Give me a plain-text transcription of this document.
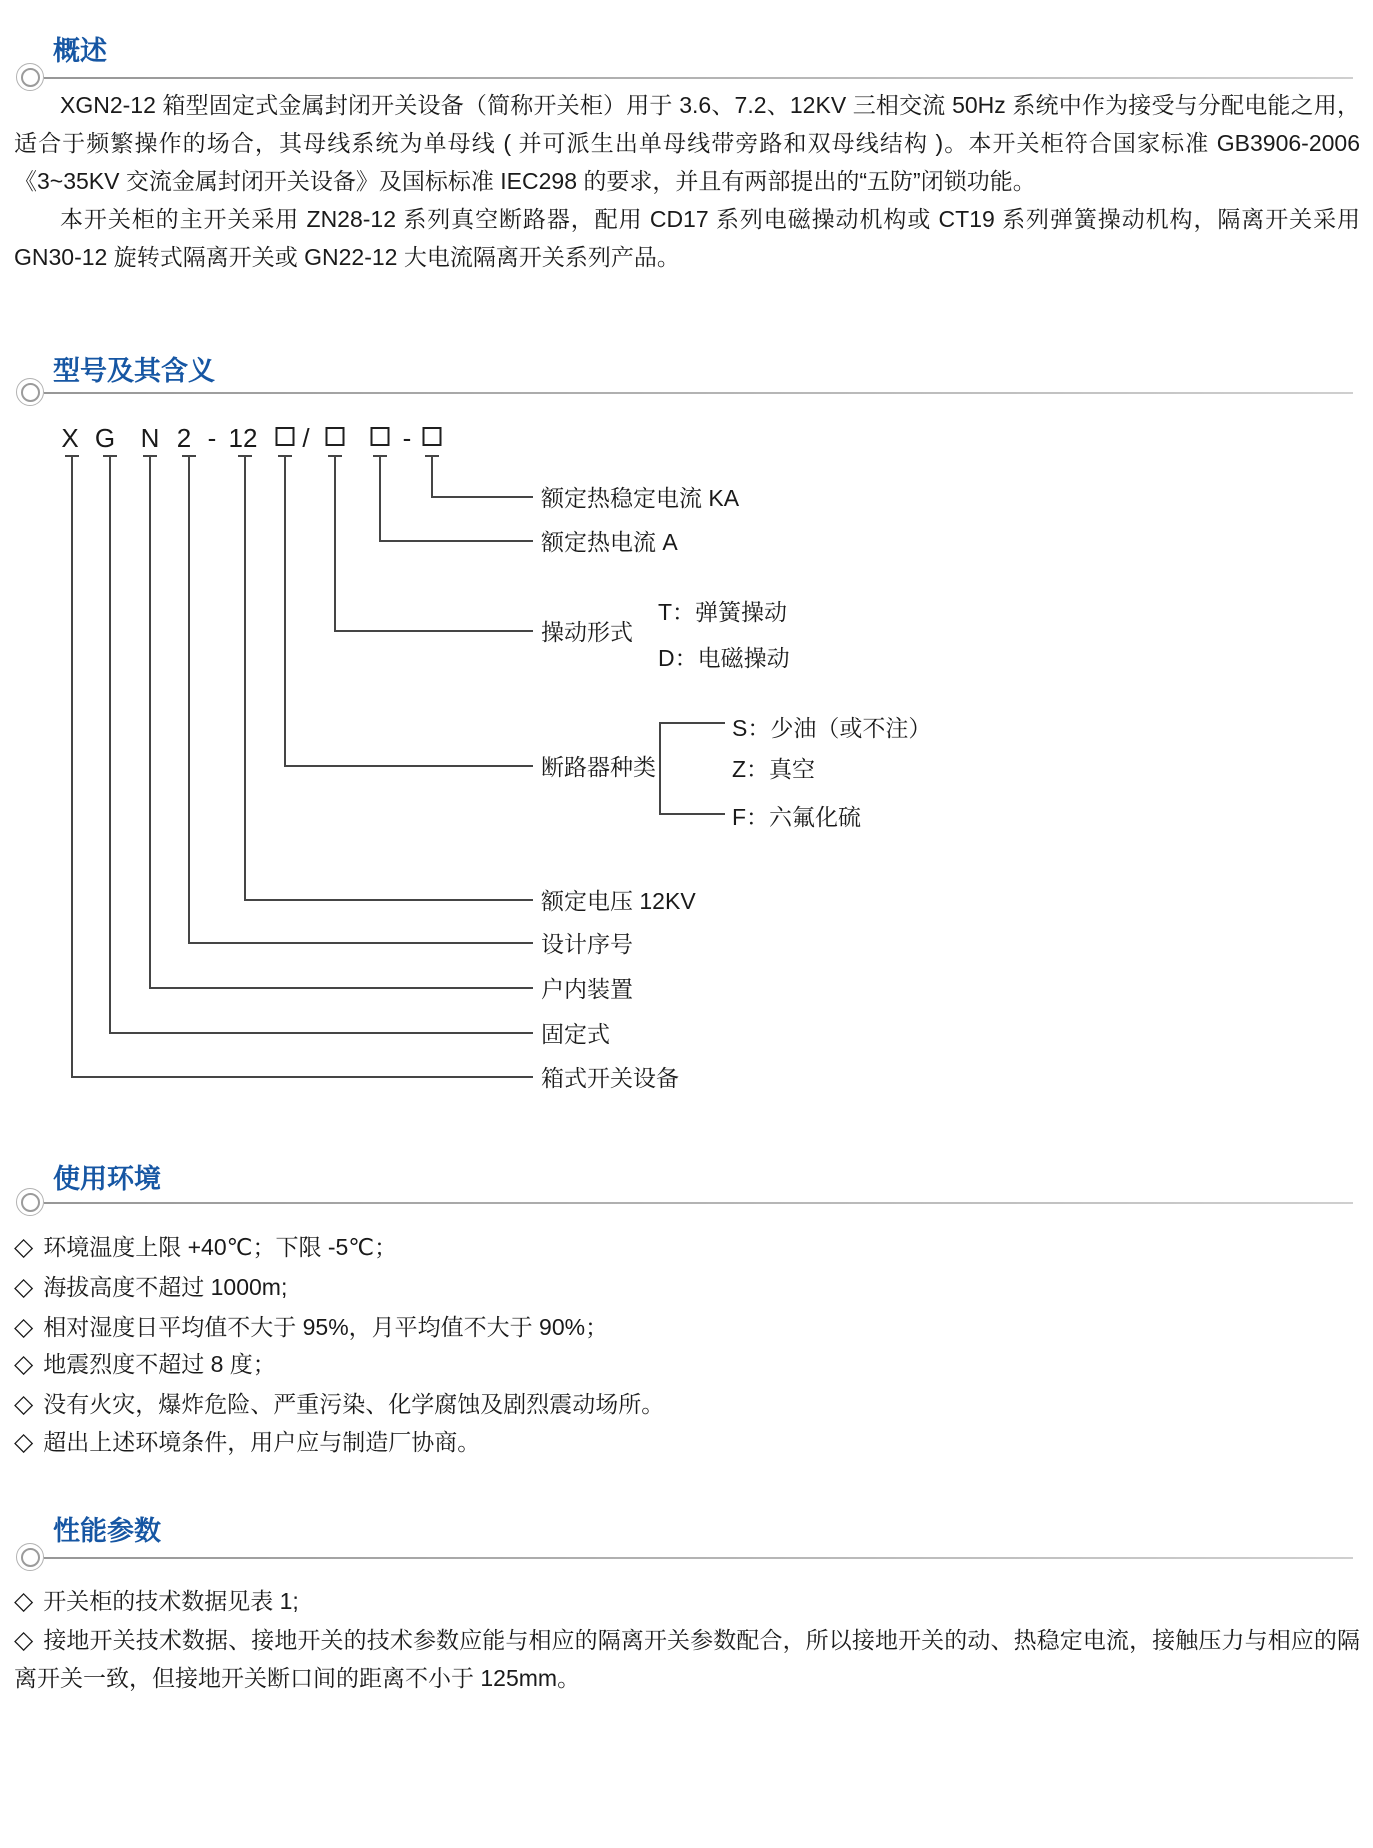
概述

XGN2-12 箱型固定式金属封闭开关设备（简称开关柜）用于 3.6、7.2、12KV 三相交流 50Hz 系统中作为接受与分配电能之用，适合于频繁操作的场合，其母线系统为单母线 ( 并可派生出单母线带旁路和双母线结构 )。本开关柜符合国家标准 GB3906-2006《3~35KV 交流金属封闭开关设备》及国标标准 IEC298 的要求，并且有两部提出的“五防”闭锁功能。

本开关柜的主开关采用 ZN28-12 系列真空断路器，配用 CD17 系列电磁操动机构或 CT19 系列弹簧操动机构，隔离开关采用 GN30-12 旋转式隔离开关或 GN22-12 大电流隔离开关系列产品。

型号及其含义
X G N 2 - 12 /	-
额定热稳定电流 KA
额定热电流 A
操动形式
断路器种类
额定电压 12KV
设计序号
户内装置
固定式
箱式开关设备
T：弹簧操动
D：电磁操动
S：少油（或不注）
Z：真空
F：六氟化硫
使用环境
◇ 环境温度上限 +40℃；下限 -5℃；
◇ 海拔高度不超过 1000m;
◇ 相对湿度日平均值不大于 95%，月平均值不大于 90%；
◇ 地震烈度不超过 8 度；
◇ 没有火灾，爆炸危险、严重污染、化学腐蚀及剧烈震动场所。
◇ 超出上述环境条件，用户应与制造厂协商。
性能参数
◇ 开关柜的技术数据见表 1;
◇ 接地开关技术数据、接地开关的技术参数应能与相应的隔离开关参数配合，所以接地开关的动、热稳定电流，接触压力与相应的隔离开关一致，但接地开关断口间的距离不小于 125mm。
